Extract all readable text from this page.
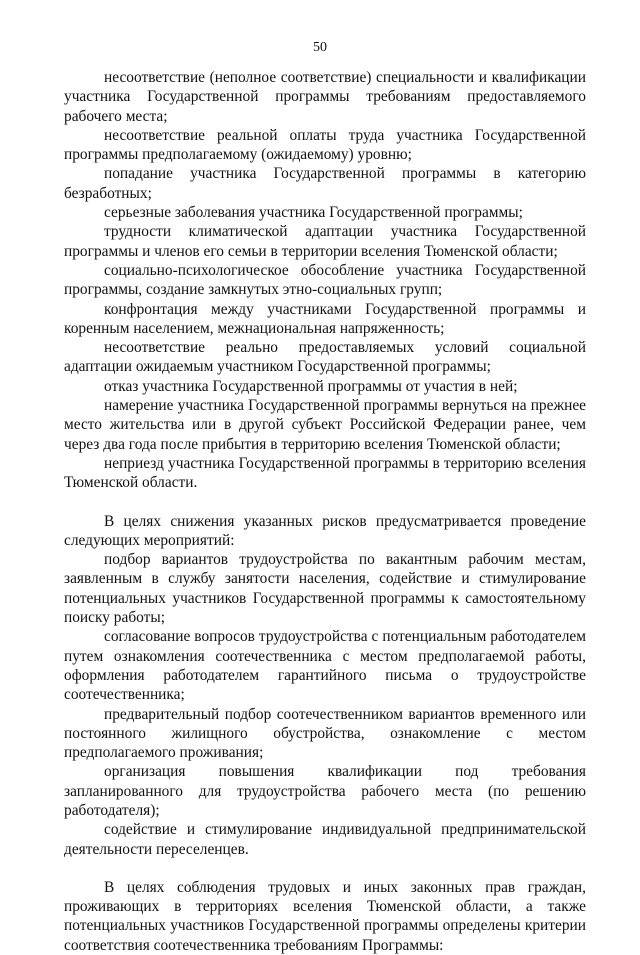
50

несоответствие (неполное соответствие) специальности и квалификации участника Государственной программы требованиям предоставляемого рабочего места;

несоответствие реальной оплаты труда участника Государственной программы предполагаемому (ожидаемому) уровню;

попадание участника Государственной программы в категорию безработных;

серьезные заболевания участника Государственной программы;

трудности климатической адаптации участника Государственной программы и членов его семьи в территории вселения Тюменской области;

социально-психологическое обособление участника Государственной программы, создание замкнутых этно-социальных групп;

конфронтация между участниками Государственной программы и коренным населением, межнациональная напряженность;

несоответствие реально предоставляемых условий социальной адаптации ожидаемым участником Государственной программы;

отказ участника Государственной программы от участия в ней;

намерение участника Государственной программы вернуться на прежнее место жительства или в другой субъект Российской Федерации ранее, чем через два года после прибытия в территорию вселения Тюменской области;

неприезд участника Государственной программы в территорию вселения Тюменской области.

В целях снижения указанных рисков предусматривается проведение следующих мероприятий:

подбор вариантов трудоустройства по вакантным рабочим местам, заявленным в службу занятости населения, содействие и стимулирование потенциальных участников Государственной программы к самостоятельному поиску работы;

согласование вопросов трудоустройства с потенциальным работодателем путем ознакомления соотечественника с местом предполагаемой работы, оформления работодателем гарантийного письма о трудоустройстве соотечественника;

предварительный подбор соотечественником вариантов временного или постоянного жилищного обустройства, ознакомление с местом предполагаемого проживания;

организация повышения квалификации под требования запланированного для трудоустройства рабочего места (по решению работодателя);

содействие и стимулирование индивидуальной предпринимательской деятельности переселенцев.

В целях соблюдения трудовых и иных законных прав граждан, проживающих в территориях вселения Тюменской области, а также потенциальных участников Государственной программы определены критерии соответствия соотечественника требованиям Программы:
